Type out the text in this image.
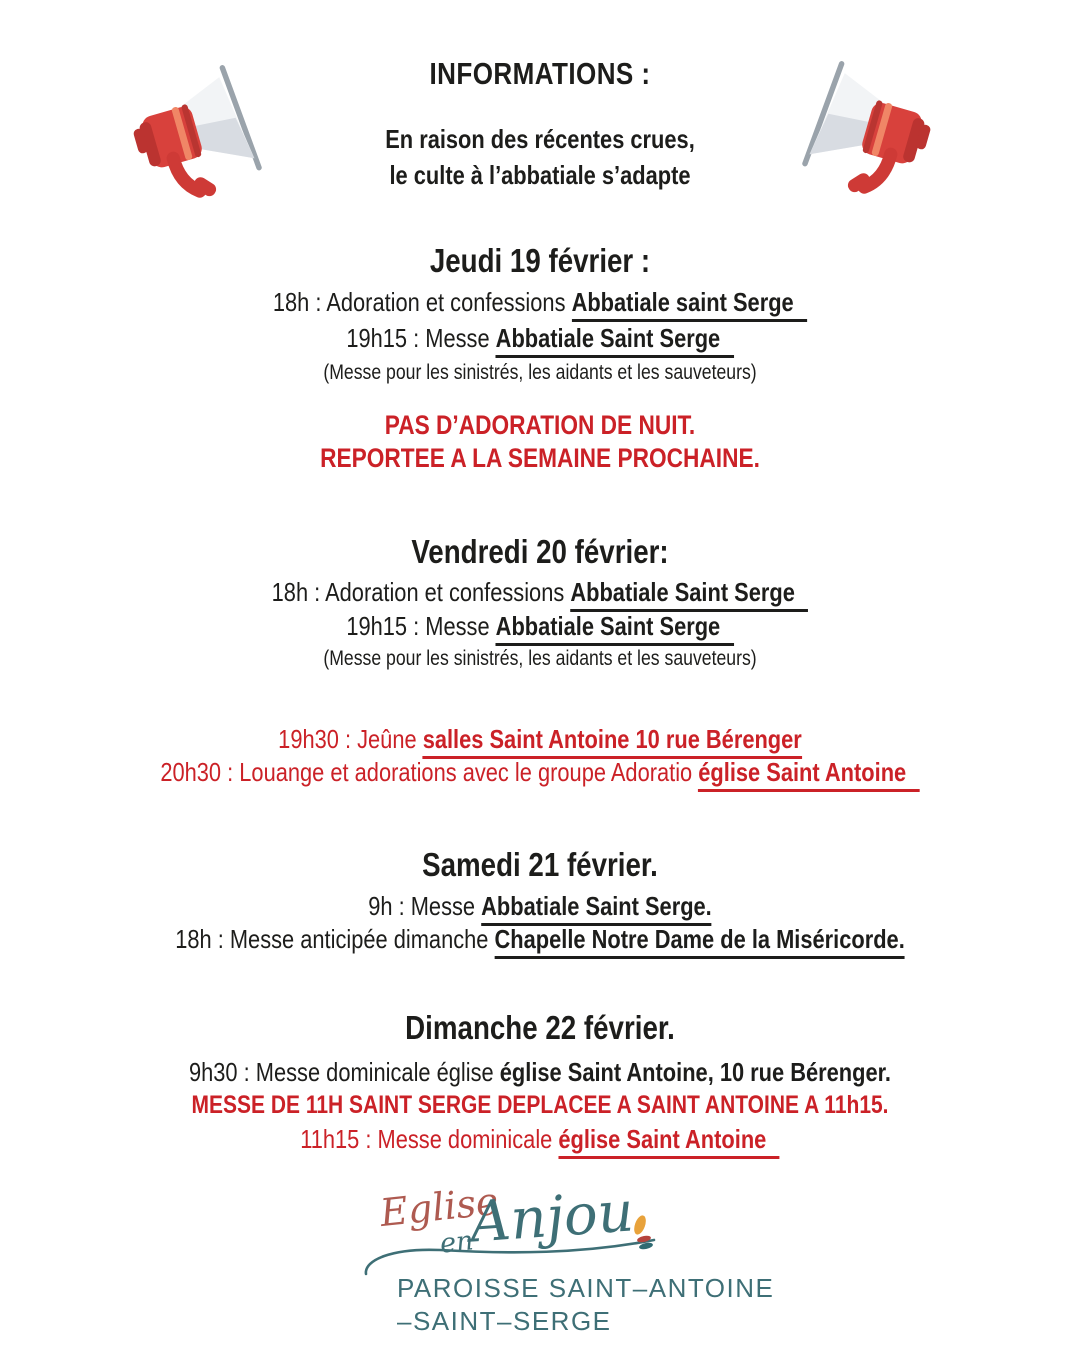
INFORMATIONS :
En raison des récentes crues,
le culte à l’abbatiale s’adapte
Jeudi 19 février :
18h : Adoration et confessions Abbatiale saint Serge
19h15 : Messe Abbatiale Saint Serge
(Messe pour les sinistrés, les aidants et les sauveteurs)
PAS D’ADORATION DE NUIT.
REPORTEE A LA SEMAINE PROCHAINE.
Vendredi 20 février:
18h : Adoration et confessions Abbatiale Saint Serge
19h15 : Messe Abbatiale Saint Serge
(Messe pour les sinistrés, les aidants et les sauveteurs)
19h30 : Jeûne salles Saint Antoine 10 rue Bérenger
20h30 : Louange et adorations avec le groupe Adoratio église Saint Antoine
Samedi 21 février.
9h : Messe Abbatiale Saint Serge.
18h : Messe anticipée dimanche Chapelle Notre Dame de la Miséricorde.
Dimanche 22 février.
9h30 : Messe dominicale église église Saint Antoine, 10 rue Bérenger.
MESSE DE 11H SAINT SERGE DEPLACEE A SAINT ANTOINE A 11h15.
11h15 : Messe dominicale église Saint Antoine
Eglise
en
Anjou
PAROISSE SAINT–ANTOINE
–SAINT–SERGE
